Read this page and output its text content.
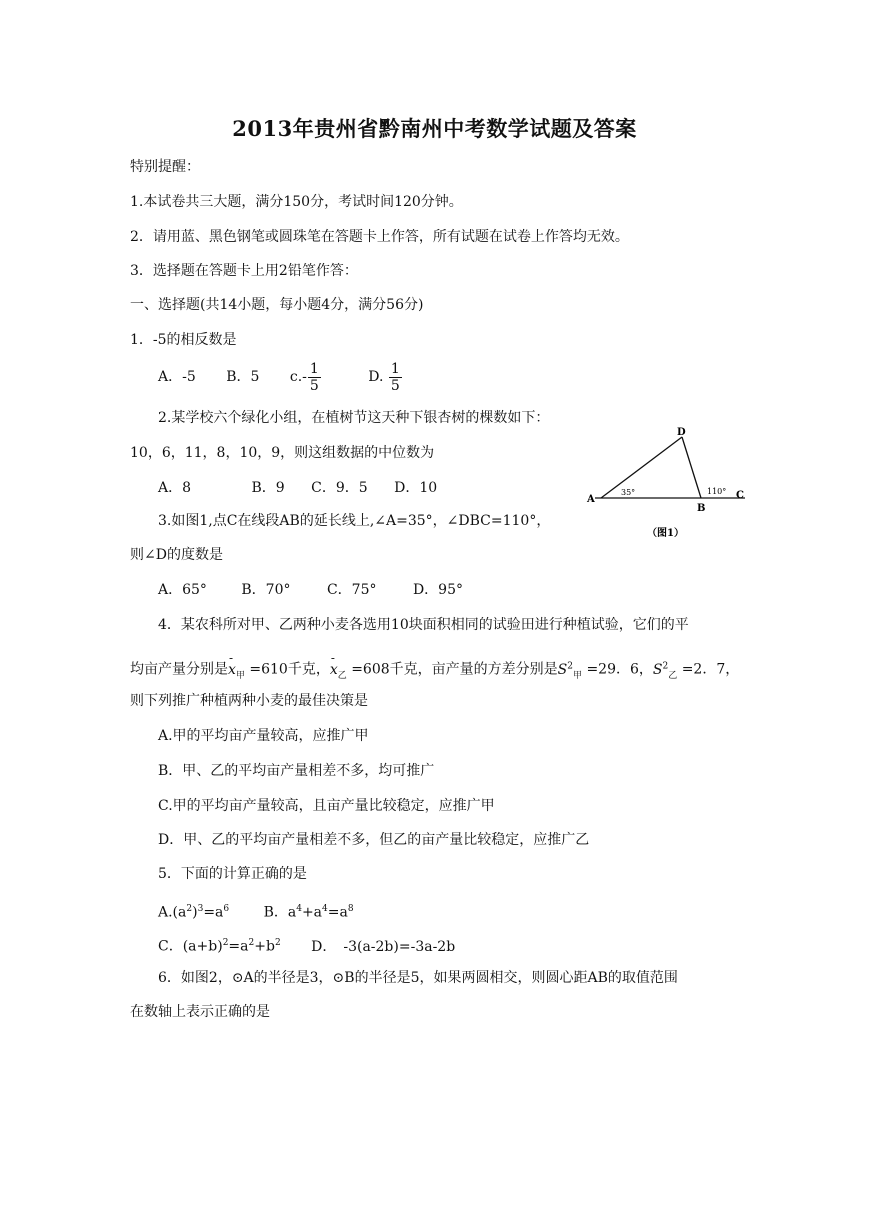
2013年贵州省黔南州中考数学试题及答案
特别提醒：
1.本试卷共三大题，满分150分，考试时间120分钟。
2．请用蓝、黑色钢笔或圆珠笔在答题卡上作答，所有试题在试卷上作答均无效。
3．选择题在答题卡上用2铅笔作答：
一、选择题(共14小题，每小题4分，满分56分)
1．-5的相反数是
A．-5 B．5 $c.- \frac{1}{5}$	D. $\frac{1}{5}$
2.某学校六个绿化小组，在植树节这天种下银杏树的棵数如下：
10，6，11，8，10，9，则这组数据的中位数为
A．8	B．9 C．9．5 D．10
A
B
C
D
35°	110°
（图1）
3.如图1,点C在线段AB的延长线上,∠A=35°，∠DBC=110°，
则∠D的度数是
A．65° B．70°	C．75°	D．95°
4．某农科所对甲、乙两种小麦各选用10块面积相同的试验田进行种植试验，它们的平
均亩产量分别是
-
$x_甲 =610$千克，
-
$x_乙 =608$千克，亩产量的方差分别是$S^2_甲 =29$．6，$S^2_乙 =2$．7，
则下列推广种植两种小麦的最佳决策是
A.甲的平均亩产量较高，应推广甲
B．甲、乙的平均亩产量相差不多，均可推广
C.甲的平均亩产量较高，且亩产量比较稳定，应推广甲
D．甲、乙的平均亩产量相差不多，但乙的亩产量比较稳定，应推广乙
5．下面的计算正确的是
$A.(a^2)^3=a^6$ B．$a^4+a^4=a^8$
C．$(a+b)^2=a^2+b^2$ D．　-3(a-2b)=-3a-2b
6．如图2，⊙A的半径是3，⊙B的半径是5，如果两圆相交，则圆心距AB的取值范围
在数轴上表示正确的是
